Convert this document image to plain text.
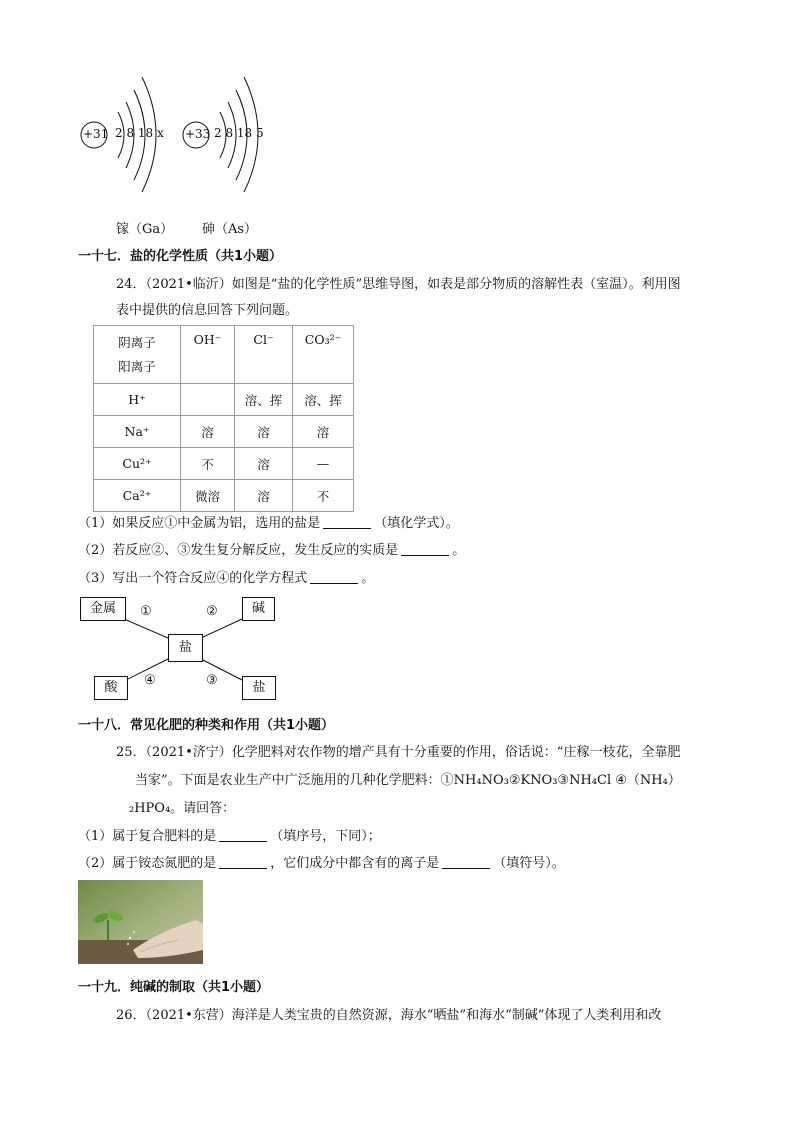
+31 2 8 18 x +33 2 8 18 5
镓（Ga） 砷（As）
一十七．盐的化学性质（共1小题）
24．（2021•临沂）如图是“盐的化学性质”思维导图，如表是部分物质的溶解性表（室温）。利用图
表中提供的信息回答下列问题。
阴离子
阳离子	OH⁻	Cl⁻	CO₃²⁻
H⁺		溶、挥	溶、挥
Na⁺	溶	溶	溶
Cu²⁺	不	溶	—
Ca²⁺	微溶	溶	不
（1）如果反应①中金属为铝，选用的盐是	（填化学式）。
（2）若反应②、③发生复分解反应，发生反应的实质是	。
（3）写出一个符合反应④的化学方程式	。
金属	碱
盐
酸	盐
①	②
④	③
一十八．常见化肥的种类和作用（共1小题）
25．（2021•济宁）化学肥料对农作物的增产具有十分重要的作用，俗话说：“庄稼一枝花，全靠肥
当家”。下面是农业生产中广泛施用的几种化学肥料：①NH₄NO₃②KNO₃③NH₄Cl ④（NH₄）
₂HPO₄。请回答：
（1）属于复合肥料的是	（填序号，下同）；
（2）属于铵态氮肥的是	，它们成分中都含有的离子是	（填符号）。
一十九．纯碱的制取（共1小题）
26．（2021•东营）海洋是人类宝贵的自然资源，海水“晒盐”和海水“制碱”体现了人类利用和改
